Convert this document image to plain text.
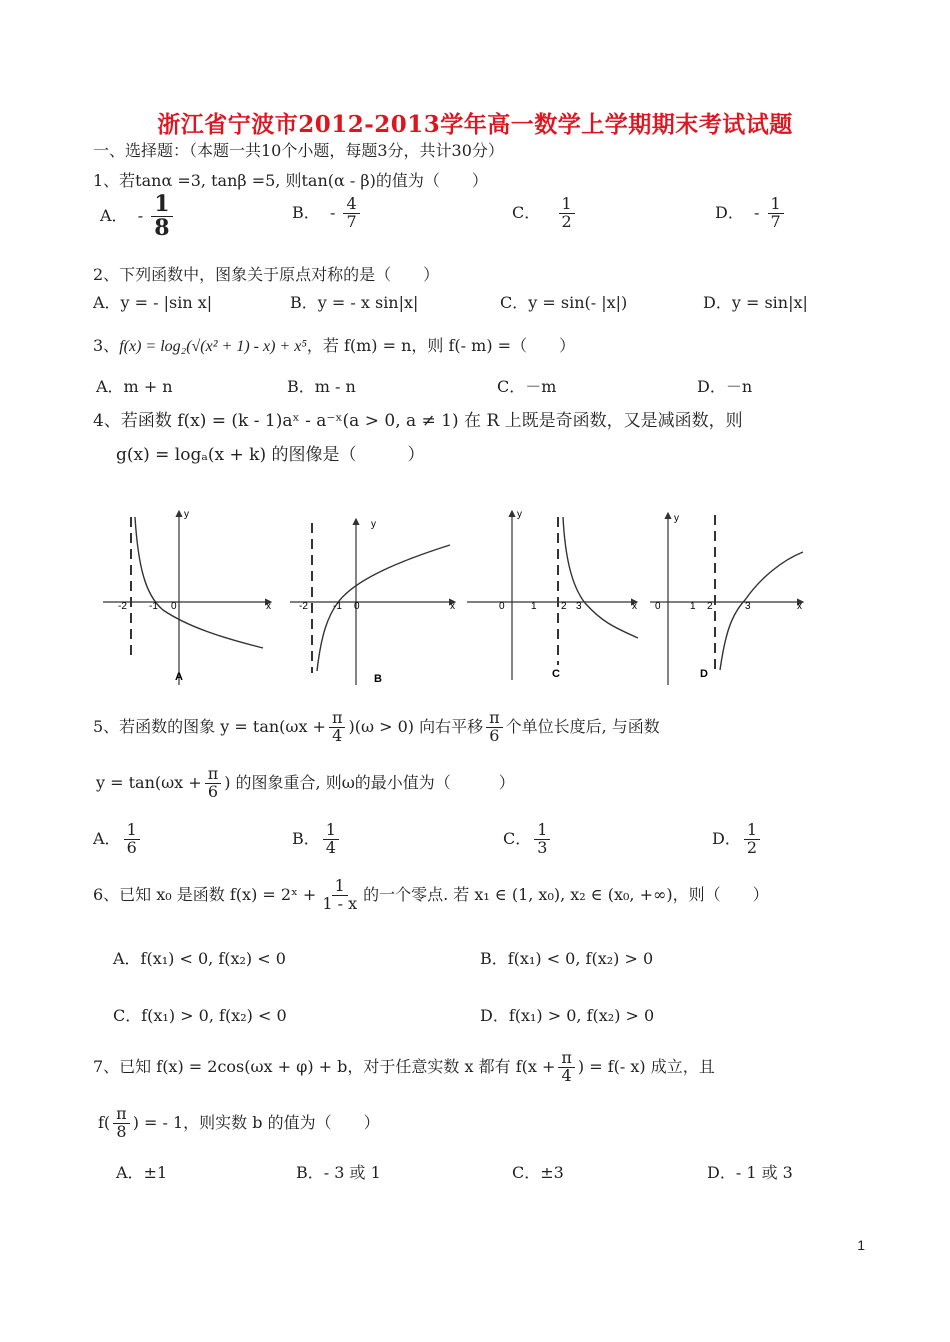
浙江省宁波市2012-2013学年高一数学上学期期末考试试题
一、选择题：（本题一共10个小题，每题3分，共计30分）
1、若tanα =3, tanβ =5, 则tan(α - β)的值为（　　）
A． - $\frac{1}{8}$	B． - $\frac{4}{7}$	C． $\frac{1}{2}$	D． - $\frac{1}{7}$
2、下列函数中，图象关于原点对称的是（　　）
A．y = - |sin x|	B．y = - x sin|x|	C．y = sin(- |x|)	D．y = sin|x|
3、f(x) = log₂(√(x² + 1) - x) + x⁵，若 f(m) = n，则 f(- m) =（　　）
A．m + n	B．m - n	C．－m	D．－n
4、若函数 f(x) = (k - 1)aˣ - a⁻ˣ(a > 0, a ≠ 1) 在 R 上既是奇函数，又是减函数，则
g(x) = logₐ(x + k) 的图像是（　　　）
x
y
-2 -1 0
A
x
y
-2	-1 0
B
x
y
0	1 2 3
C
x
y
0	1 2	3
D
5、若函数的图象 $y = \tan(\omega x + \frac{\pi}{4} )(\omega > 0)$ 向右平移 $\frac{\pi}{6}$ 个单位长度后, 与函数
$y = \tan(\omega x + \frac{\pi}{6}$ ) 的图象重合, 则ω的最小值为（　　　）
A． $\frac{1}{6}$	B． $\frac{1}{4}$	C． $\frac{1}{3}$	D． $\frac{1}{2}$
6、已知 x₀ 是函数 f(x) = 2ˣ + $\frac{1}{1 - x}$ 的一个零点. 若 x₁ ∈ (1, x₀), x₂ ∈ (x₀, +∞)，则（　　）
A．f(x₁) < 0, f(x₂) < 0	B．f(x₁) < 0, f(x₂) > 0
C．f(x₁) > 0, f(x₂) < 0	D．f(x₁) > 0, f(x₂) > 0
7、已知 f(x) = 2cos(ωx + φ) + b，对于任意实数 x 都有 $f(x + \frac{\pi}{4}$ ) = f(- x) 成立，且
$f( \frac{\pi}{8}$ ) = - 1，则实数 b 的值为（　　）
A．±1	B．- 3 或 1	C．±3	D．- 1 或 3
1
